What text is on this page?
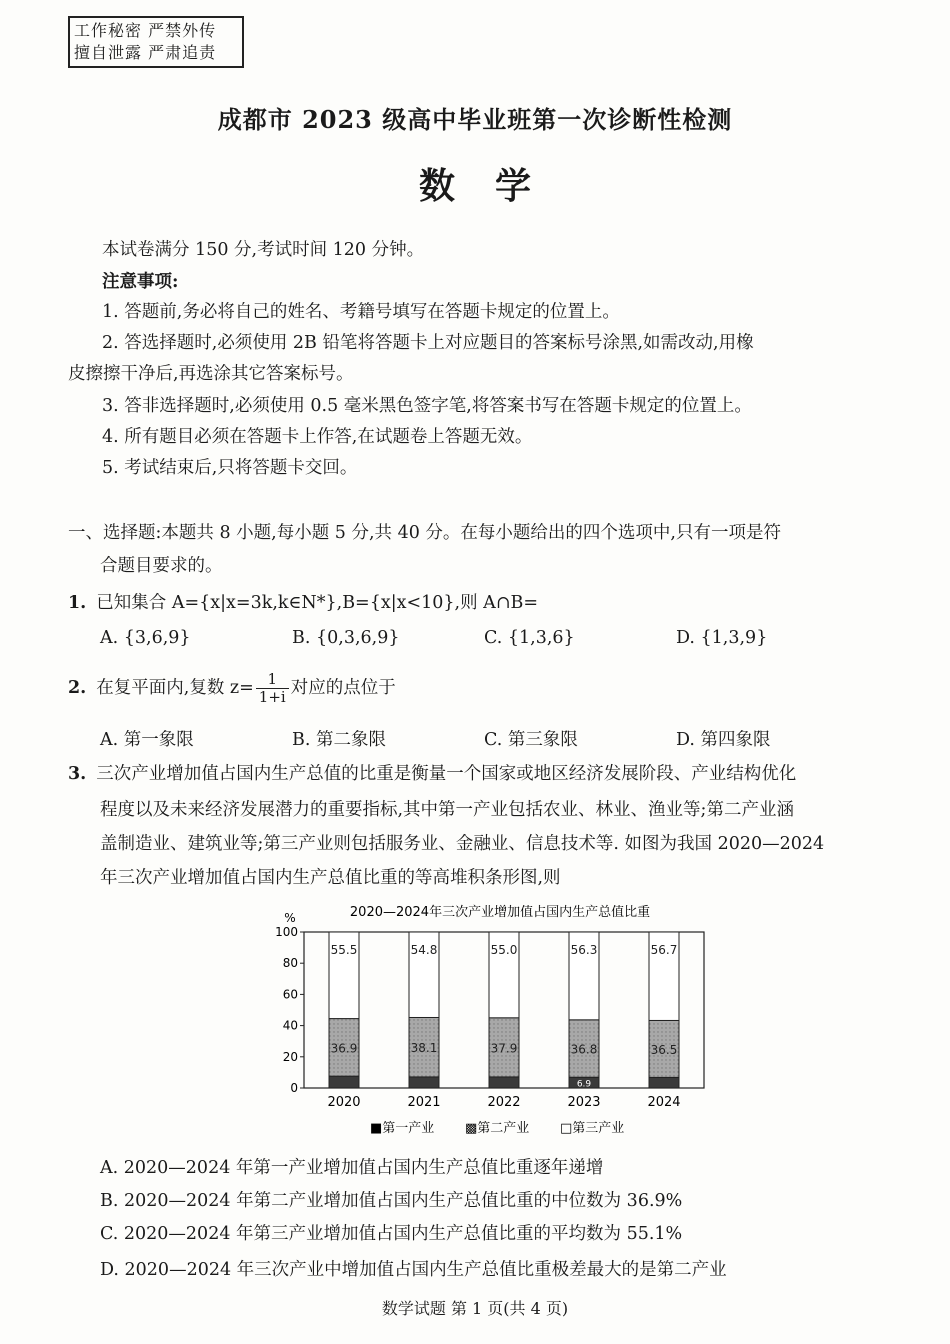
工作秘密 严禁外传
擅自泄露 严肃追责
成都市 2023 级高中毕业班第一次诊断性检测
数学
本试卷满分 150 分,考试时间 120 分钟。
注意事项:
1. 答题前,务必将自己的姓名、考籍号填写在答题卡规定的位置上。
2. 答选择题时,必须使用 2B 铅笔将答题卡上对应题目的答案标号涂黑,如需改动,用橡
皮擦擦干净后,再选涂其它答案标号。
3. 答非选择题时,必须使用 0.5 毫米黑色签字笔,将答案书写在答题卡规定的位置上。
4. 所有题目必须在答题卡上作答,在试题卷上答题无效。
5. 考试结束后,只将答题卡交回。
一、选择题:本题共 8 小题,每小题 5 分,共 40 分。在每小题给出的四个选项中,只有一项是符
合题目要求的。
1. 已知集合 A={x|x=3k,k∈N*},B={x|x<10},则 A∩B=
A. {3,6,9}	B. {0,3,6,9}	C. {1,3,6}	D. {1,3,9}
2. 在复平面内,复数 $z= \frac{1}{1+i}$ 对应的点位于
A. 第一象限	B. 第二象限	C. 第三象限	D. 第四象限
3. 三次产业增加值占国内生产总值的比重是衡量一个国家或地区经济发展阶段、产业结构优化
程度以及未来经济发展潜力的重要指标,其中第一产业包括农业、林业、渔业等;第二产业涵
盖制造业、建筑业等;第三产业则包括服务业、金融业、信息技术等. 如图为我国 2020—2024
年三次产业增加值占国内生产总值比重的等高堆积条形图,则
2020—2024年三次产业增加值占国内生产总值比重
%
0
20
40
60
80
100
36.9
55.5
2020
38.1
54.8
2021
37.9
55.0
2022
6.9
36.8
56.3
2023
36.5
56.7
2024
■第一产业 ▩第二产业 □第三产业
A. 2020—2024 年第一产业增加值占国内生产总值比重逐年递增
B. 2020—2024 年第二产业增加值占国内生产总值比重的中位数为 36.9%
C. 2020—2024 年第三产业增加值占国内生产总值比重的平均数为 55.1%
D. 2020—2024 年三次产业中增加值占国内生产总值比重极差最大的是第二产业
数学试题 第 1 页(共 4 页)
